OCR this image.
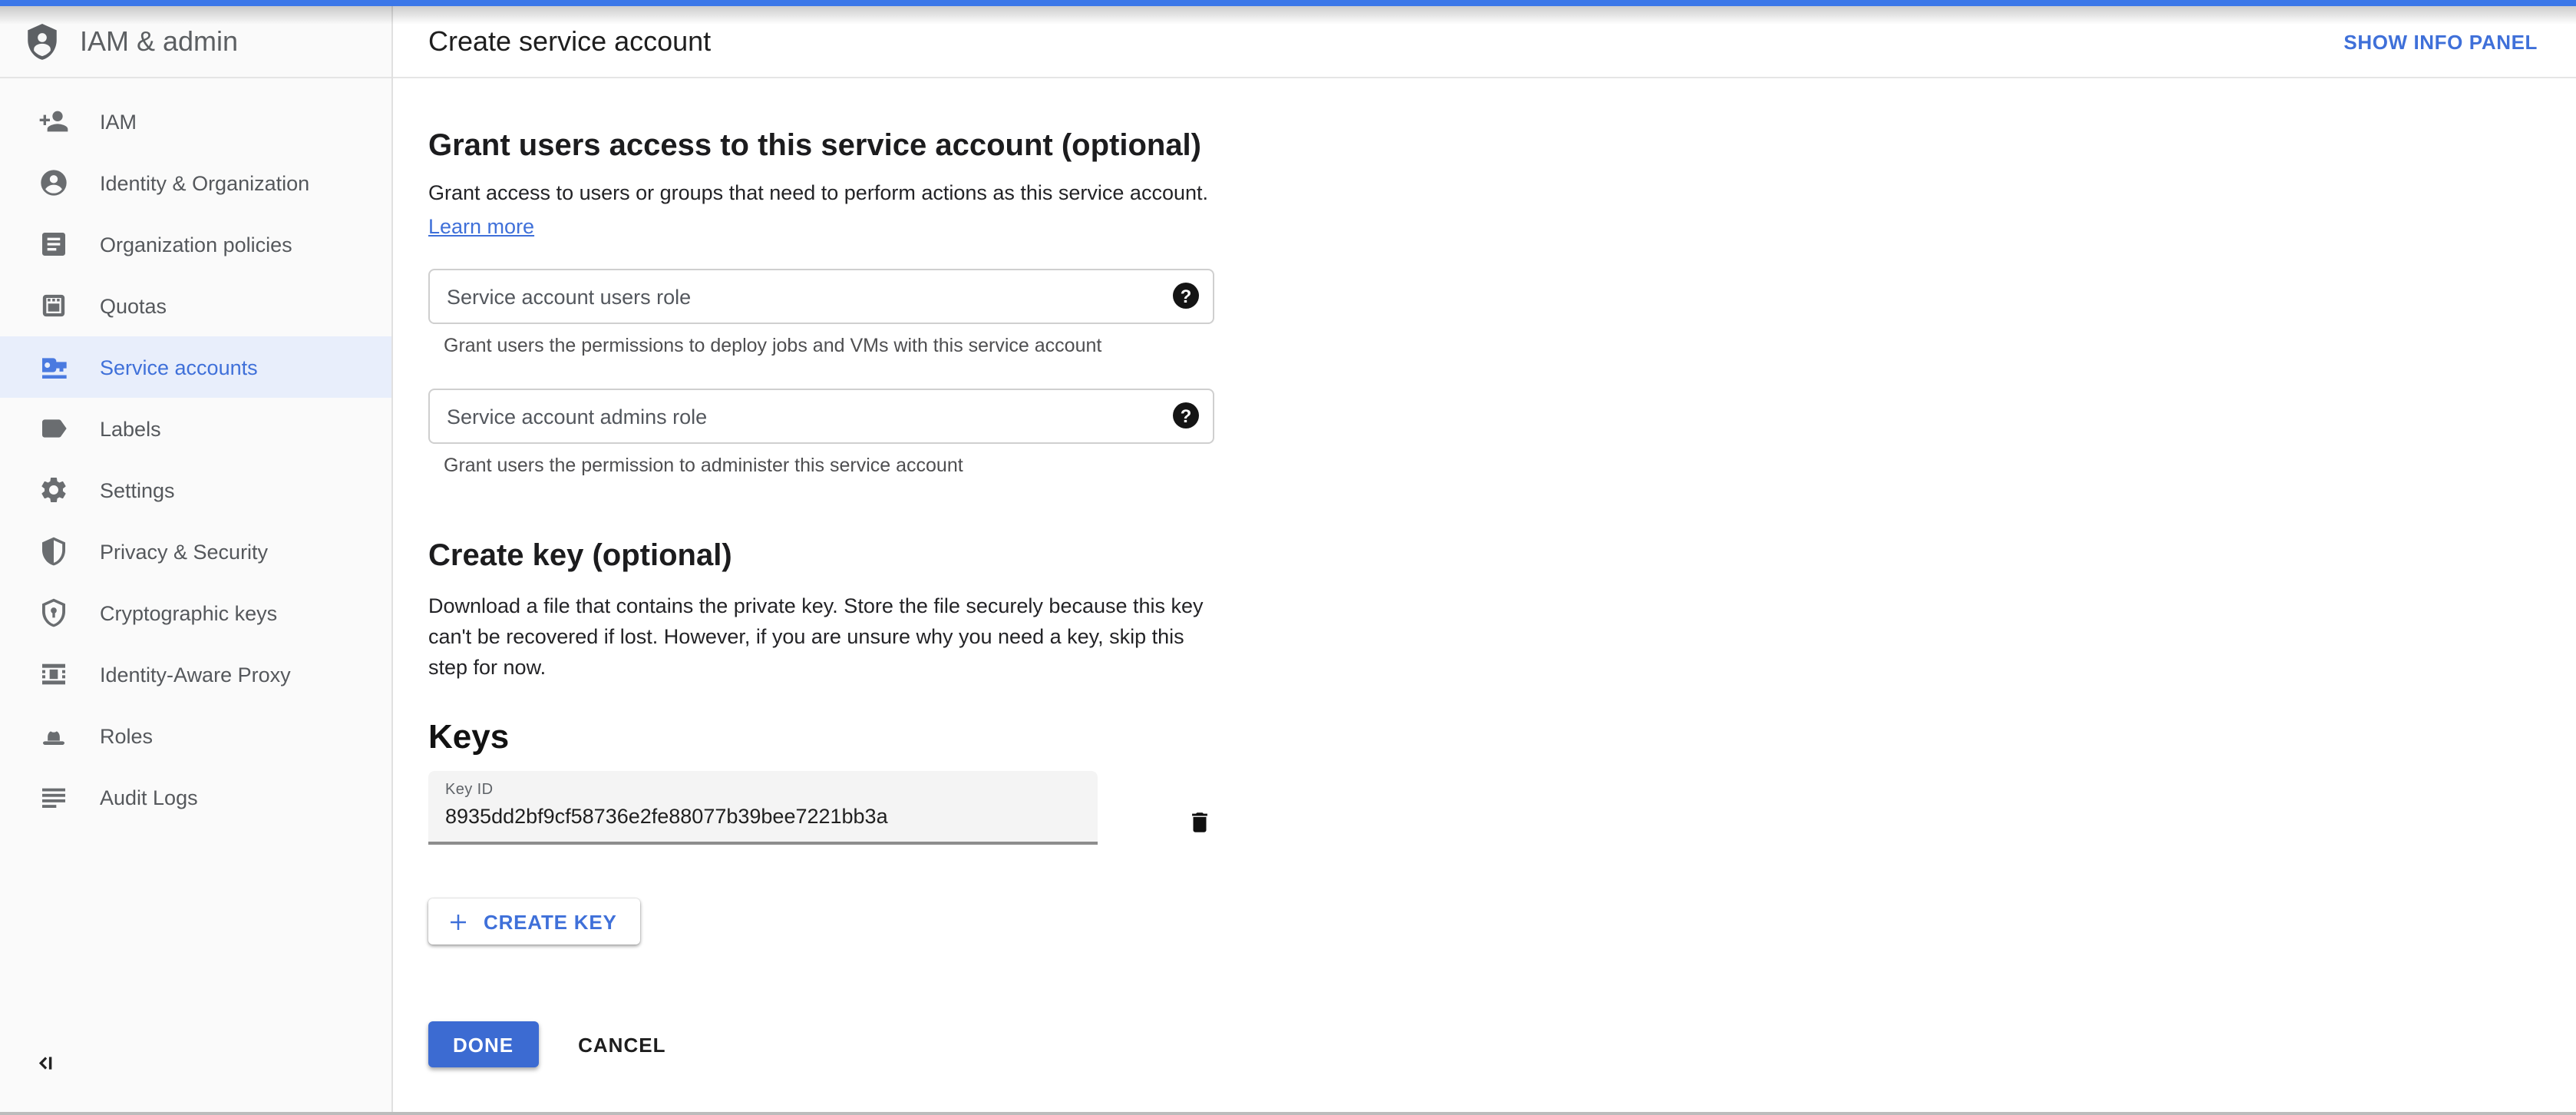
IAM & admin
IAM
Identity & Organization
Organization policies
Quotas
Service accounts
Labels
Settings
Privacy & Security
Cryptographic keys
Identity-Aware Proxy
Roles
Audit Logs
Create service account	SHOW INFO PANEL
Grant users access to this service account (optional)

Grant access to users or groups that need to perform actions as this service account.

Learn more
Service account users role
?
Grant users the permissions to deploy jobs and VMs with this service account
Service account admins role
?
Grant users the permission to administer this service account
Create key (optional)

Download a file that contains the private key. Store the file securely because this key can't be recovered if lost. However, if you are unsure why you need a key, skip this step for now.

Keys
Key ID
8935dd2bf9cf58736e2fe88077b39bee7221bb3a
CREATE KEY
DONE	CANCEL
